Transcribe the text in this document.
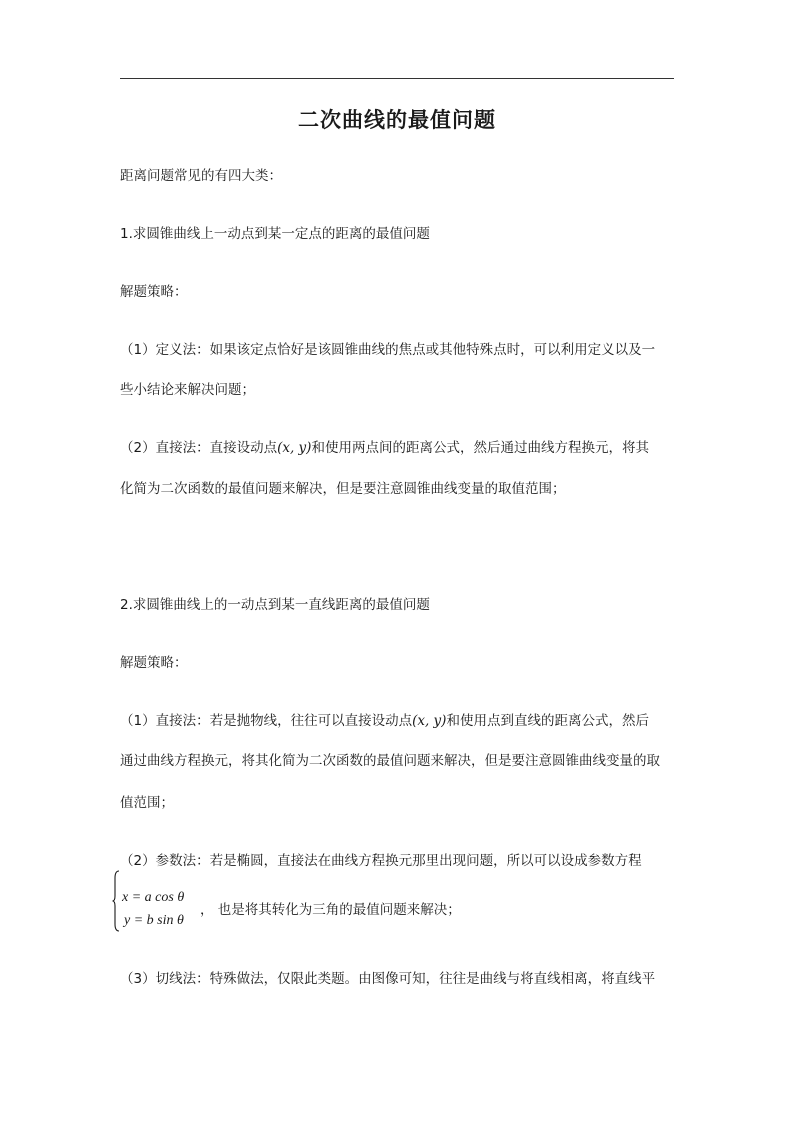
二次曲线的最值问题
距离问题常见的有四大类：
1.求圆锥曲线上一动点到某一定点的距离的最值问题
解题策略：
（1）定义法：如果该定点恰好是该圆锥曲线的焦点或其他特殊点时，可以利用定义以及一
些小结论来解决问题；
（2）直接法：直接设动点(x, y)和使用两点间的距离公式，然后通过曲线方程换元，将其
化简为二次函数的最值问题来解决，但是要注意圆锥曲线变量的取值范围；
2.求圆锥曲线上的一动点到某一直线距离的最值问题
解题策略：
（1）直接法：若是抛物线，往往可以直接设动点(x, y)和使用点到直线的距离公式，然后
通过曲线方程换元，将其化简为二次函数的最值问题来解决，但是要注意圆锥曲线变量的取
值范围；
（2）参数法：若是椭圆，直接法在曲线方程换元那里出现问题，所以可以设成参数方程
x = a cos θ
y = b sin θ
， 也是将其转化为三角的最值问题来解决；
（3）切线法：特殊做法，仅限此类题。由图像可知，往往是曲线与将直线相离，将直线平
